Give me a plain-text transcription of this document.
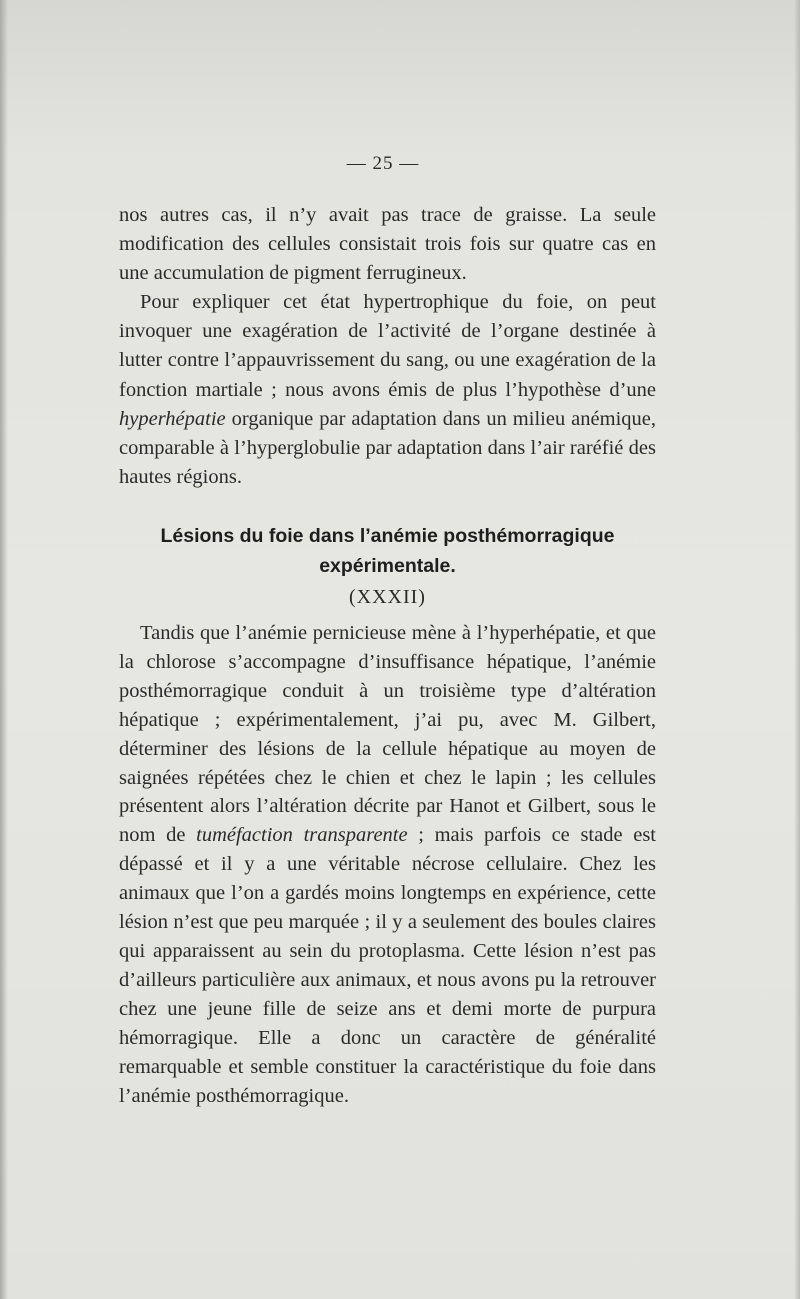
— 25 —

nos autres cas, il n’y avait pas trace de graisse. La seule modification des cellules consistait trois fois sur quatre cas en une accumulation de pigment ferrugineux.

Pour expliquer cet état hypertrophique du foie, on peut invoquer une exagération de l’activité de l’organe destinée à lutter contre l’appauvrissement du sang, ou une exagération de la fonction martiale ; nous avons émis de plus l’hypothèse d’une hyperhépatie organique par adaptation dans un milieu anémique, comparable à l’hyperglobulie par adaptation dans l’air raréfié des hautes régions.

Lésions du foie dans l’anémie posthémorragique
expérimentale.
(XXXII)

Tandis que l’anémie pernicieuse mène à l’hyperhépatie, et que la chlorose s’accompagne d’insuffisance hépatique, l’anémie posthémorragique conduit à un troisième type d’altération hépatique ; expérimentalement, j’ai pu, avec M. Gilbert, déterminer des lésions de la cellule hépatique au moyen de saignées répétées chez le chien et chez le lapin ; les cellules présentent alors l’altération décrite par Hanot et Gilbert, sous le nom de tuméfaction transparente ; mais parfois ce stade est dépassé et il y a une véritable nécrose cellulaire. Chez les animaux que l’on a gardés moins longtemps en expérience, cette lésion n’est que peu marquée ; il y a seulement des boules claires qui apparaissent au sein du protoplasma. Cette lésion n’est pas d’ailleurs particulière aux animaux, et nous avons pu la retrouver chez une jeune fille de seize ans et demi morte de purpura hémorragique. Elle a donc un caractère de généralité remarquable et semble constituer la caractéristique du foie dans l’anémie posthémorragique.
